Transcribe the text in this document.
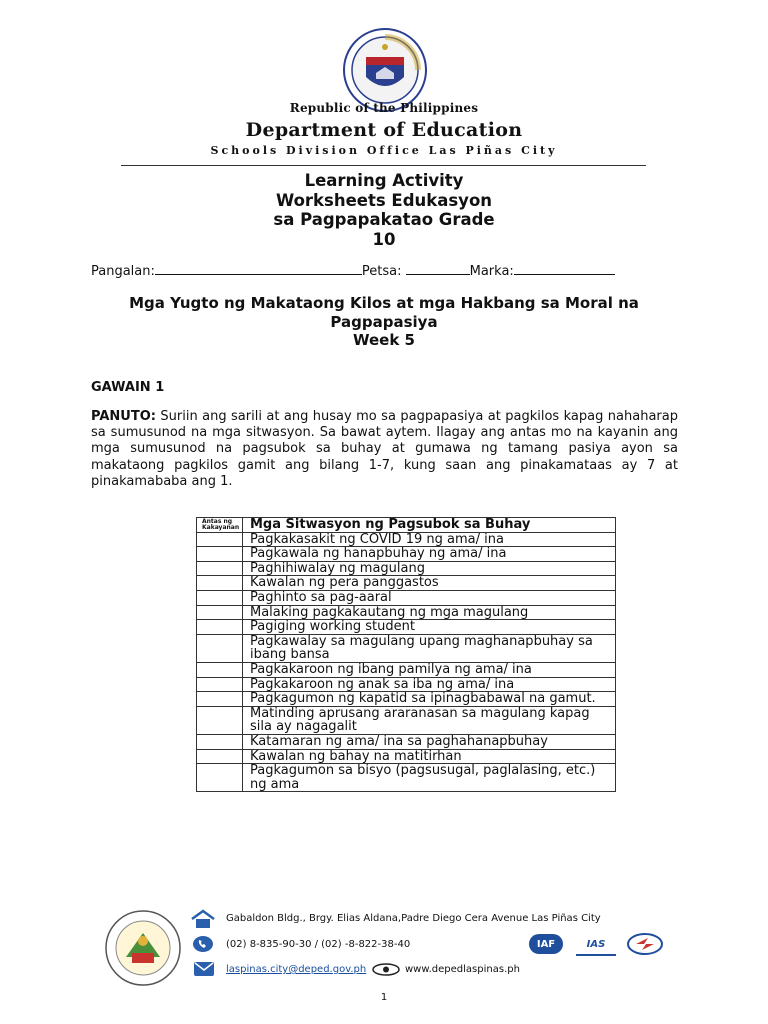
Republic of the Philippines
Department of Education
Schools Division Office Las Piñas City
Learning Activity
Worksheets Edukasyon
sa Pagpapakatao Grade
10
Pangalan:	Petsa:	Marka:
Mga Yugto ng Makataong Kilos at mga Hakbang sa Moral na
Pagpapasiya
Week 5
GAWAIN 1
PANUTO: Suriin ang sarili at ang husay mo sa pagpapasiya at pagkilos kapag nahaharap sa sumusunod na mga sitwasyon. Sa bawat aytem. Ilagay ang antas mo na kayanin ang mga sumusunod na pagsubok sa buhay at gumawa ng tamang pasiya ayon sa makataong pagkilos gamit ang bilang 1-7, kung saan ang pinakamataas ay 7 at pinakamababa ang 1.
Antas ng Kakayanan	Mga Sitwasyon ng Pagsubok sa Buhay
	Pagkakasakit ng COVID 19 ng ama/ ina
	Pagkawala ng hanapbuhay ng ama/ ina
	Paghihiwalay ng magulang
	Kawalan ng pera panggastos
	Paghinto sa pag-aaral
	Malaking pagkakautang ng mga magulang
	Pagiging working student
	Pagkawalay sa magulang upang maghanapbuhay sa ibang bansa
	Pagkakaroon ng ibang pamilya ng ama/ ina
	Pagkakaroon ng anak sa iba ng ama/ ina
	Pagkagumon ng kapatid sa ipinagbabawal na gamut.
	Matinding aprusang araranasan sa magulang kapag sila ay nagagalit
	Katamaran ng ama/ ina sa paghahanapbuhay
	Kawalan ng bahay na matitirhan
	Pagkagumon sa bisyo (pagsusugal, paglalasing, etc.) ng ama
Gabaldon Bldg., Brgy. Elias Aldana,Padre Diego Cera Avenue Las Piñas City
(02) 8-835-90-30 / (02) -8-822-38-40
laspinas.city@deped.gov.ph	www.depedlaspinas.ph
IAF	IAS
1
